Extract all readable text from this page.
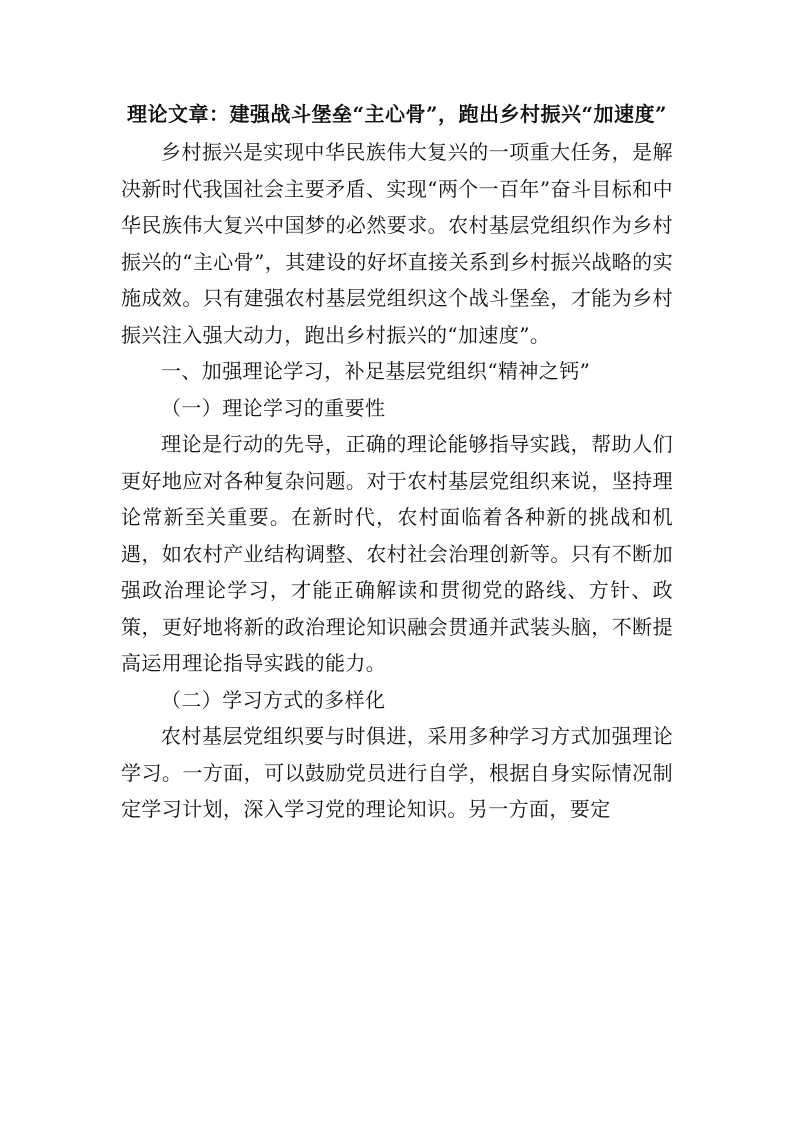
理论文章：建强战斗堡垒“主心骨”，跑出乡村振兴“加速度”

乡村振兴是实现中华民族伟大复兴的一项重大任务，是解决新时代我国社会主要矛盾、实现“两个一百年”奋斗目标和中华民族伟大复兴中国梦的必然要求。农村基层党组织作为乡村振兴的“主心骨”，其建设的好坏直接关系到乡村振兴战略的实施成效。只有建强农村基层党组织这个战斗堡垒，才能为乡村振兴注入强大动力，跑出乡村振兴的“加速度”。

一、加强理论学习，补足基层党组织“精神之钙”

（一）理论学习的重要性

理论是行动的先导，正确的理论能够指导实践，帮助人们更好地应对各种复杂问题。对于农村基层党组织来说，坚持理论常新至关重要。在新时代，农村面临着各种新的挑战和机遇，如农村产业结构调整、农村社会治理创新等。只有不断加强政治理论学习，才能正确解读和贯彻党的路线、方针、政策，更好地将新的政治理论知识融会贯通并武装头脑，不断提高运用理论指导实践的能力。

（二）学习方式的多样化

农村基层党组织要与时俱进，采用多种学习方式加强理论学习。一方面，可以鼓励党员进行自学，根据自身实际情况制定学习计划，深入学习党的理论知识。另一方面，要定
